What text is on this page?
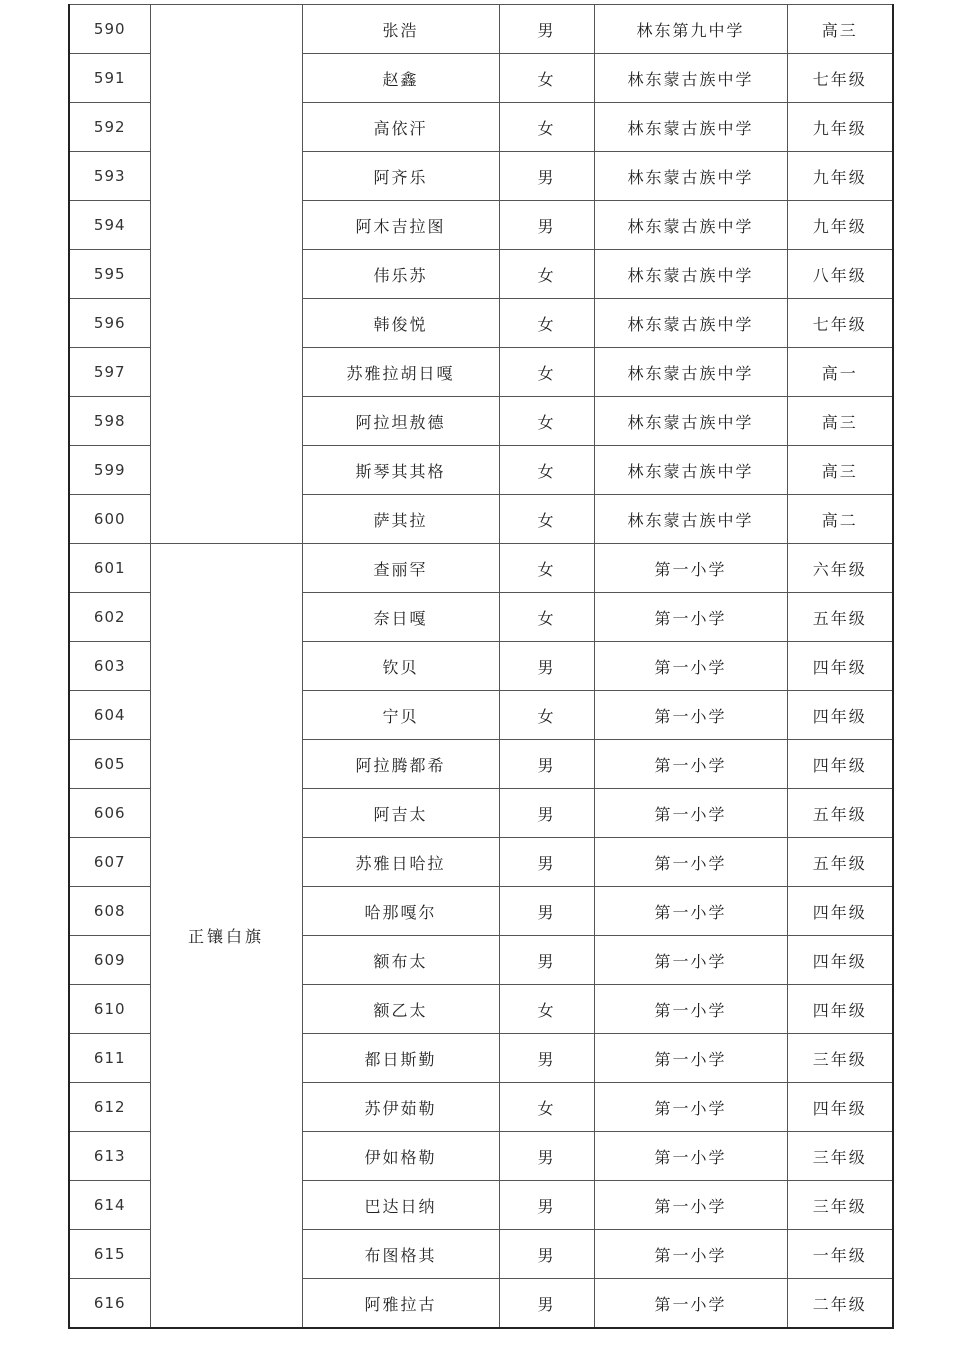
590		张浩	男	林东第九中学	高三
591		赵鑫	女	林东蒙古族中学	七年级
592		高依汗	女	林东蒙古族中学	九年级
593		阿齐乐	男	林东蒙古族中学	九年级
594		阿木吉拉图	男	林东蒙古族中学	九年级
595		伟乐苏	女	林东蒙古族中学	八年级
596		韩俊悦	女	林东蒙古族中学	七年级
597		苏雅拉胡日嘎	女	林东蒙古族中学	高一
598		阿拉坦敖德	女	林东蒙古族中学	高三
599		斯琴其其格	女	林东蒙古族中学	高三
600		萨其拉	女	林东蒙古族中学	高二
601	正镶白旗	查丽罕	女	第一小学	六年级
602		奈日嘎	女	第一小学	五年级
603		钦贝	男	第一小学	四年级
604		宁贝	女	第一小学	四年级
605		阿拉腾都希	男	第一小学	四年级
606		阿吉太	男	第一小学	五年级
607		苏雅日哈拉	男	第一小学	五年级
608		哈那嘎尔	男	第一小学	四年级
609		额布太	男	第一小学	四年级
610		额乙太	女	第一小学	四年级
611		都日斯勤	男	第一小学	三年级
612		苏伊茹勒	女	第一小学	四年级
613		伊如格勒	男	第一小学	三年级
614		巴达日纳	男	第一小学	三年级
615		布图格其	男	第一小学	一年级
616		阿雅拉古	男	第一小学	二年级
